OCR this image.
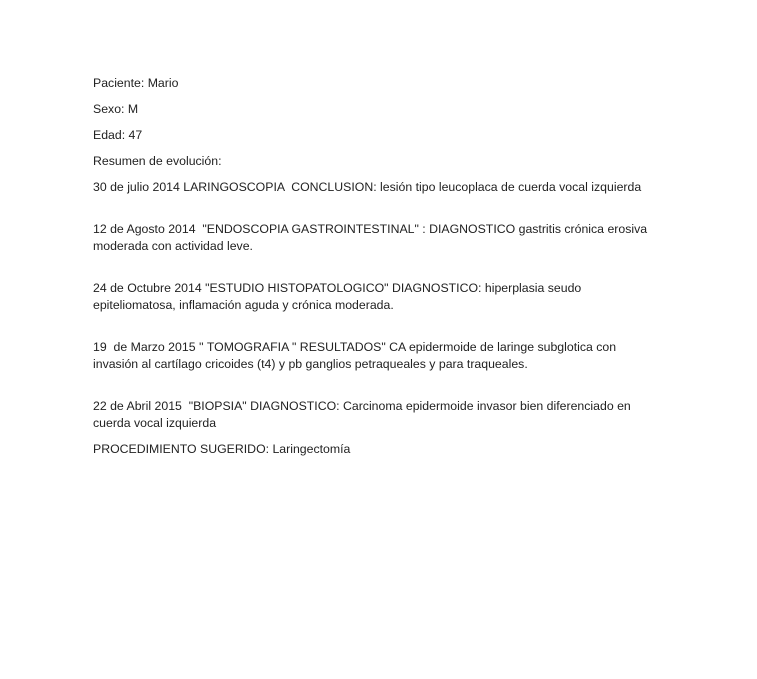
Paciente: Mario

Sexo: M

Edad: 47

Resumen de evolución:

30 de julio 2014 LARINGOSCOPIA  CONCLUSION: lesión tipo leucoplaca de cuerda vocal izquierda

12 de Agosto 2014  "ENDOSCOPIA GASTROINTESTINAL" : DIAGNOSTICO gastritis crónica erosiva moderada con actividad leve.

24 de Octubre 2014 "ESTUDIO HISTOPATOLOGICO" DIAGNOSTICO: hiperplasia seudo epiteliomatosa, inflamación aguda y crónica moderada.

19  de Marzo 2015 '' TOMOGRAFIA " RESULTADOS" CA epidermoide de laringe subglotica con invasión al cartílago cricoides (t4) y pb ganglios petraqueales y para traqueales.

22 de Abril 2015  "BIOPSIA" DIAGNOSTICO: Carcinoma epidermoide invasor bien diferenciado en cuerda vocal izquierda

PROCEDIMIENTO SUGERIDO: Laringectomía
